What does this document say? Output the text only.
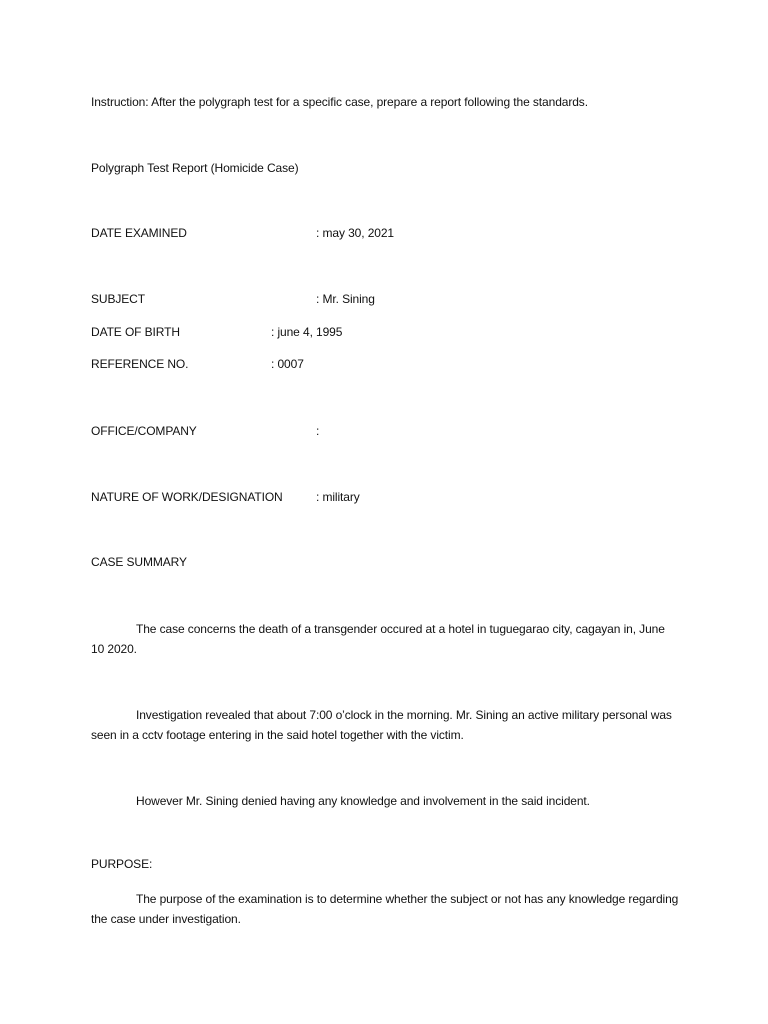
Instruction: After the polygraph test for a specific case, prepare a report following the standards.
Polygraph Test Report (Homicide Case)
DATE EXAMINED	: may 30, 2021
SUBJECT	: Mr. Sining
DATE OF BIRTH	: june 4, 1995
REFERENCE NO.	: 0007
OFFICE/COMPANY	:
NATURE OF WORK/DESIGNATION	: military
CASE SUMMARY
The case concerns the death of a transgender occured at a hotel in tuguegarao city, cagayan in, June 10 2020.
Investigation revealed that about 7:00 o’clock in the morning. Mr. Sining an active military personal was seen in a cctv footage entering in the said hotel together with the victim.
However Mr. Sining denied having any knowledge and involvement in the said incident.
PURPOSE:
The purpose of the examination is to determine whether the subject or not has any knowledge regarding the case under investigation.
